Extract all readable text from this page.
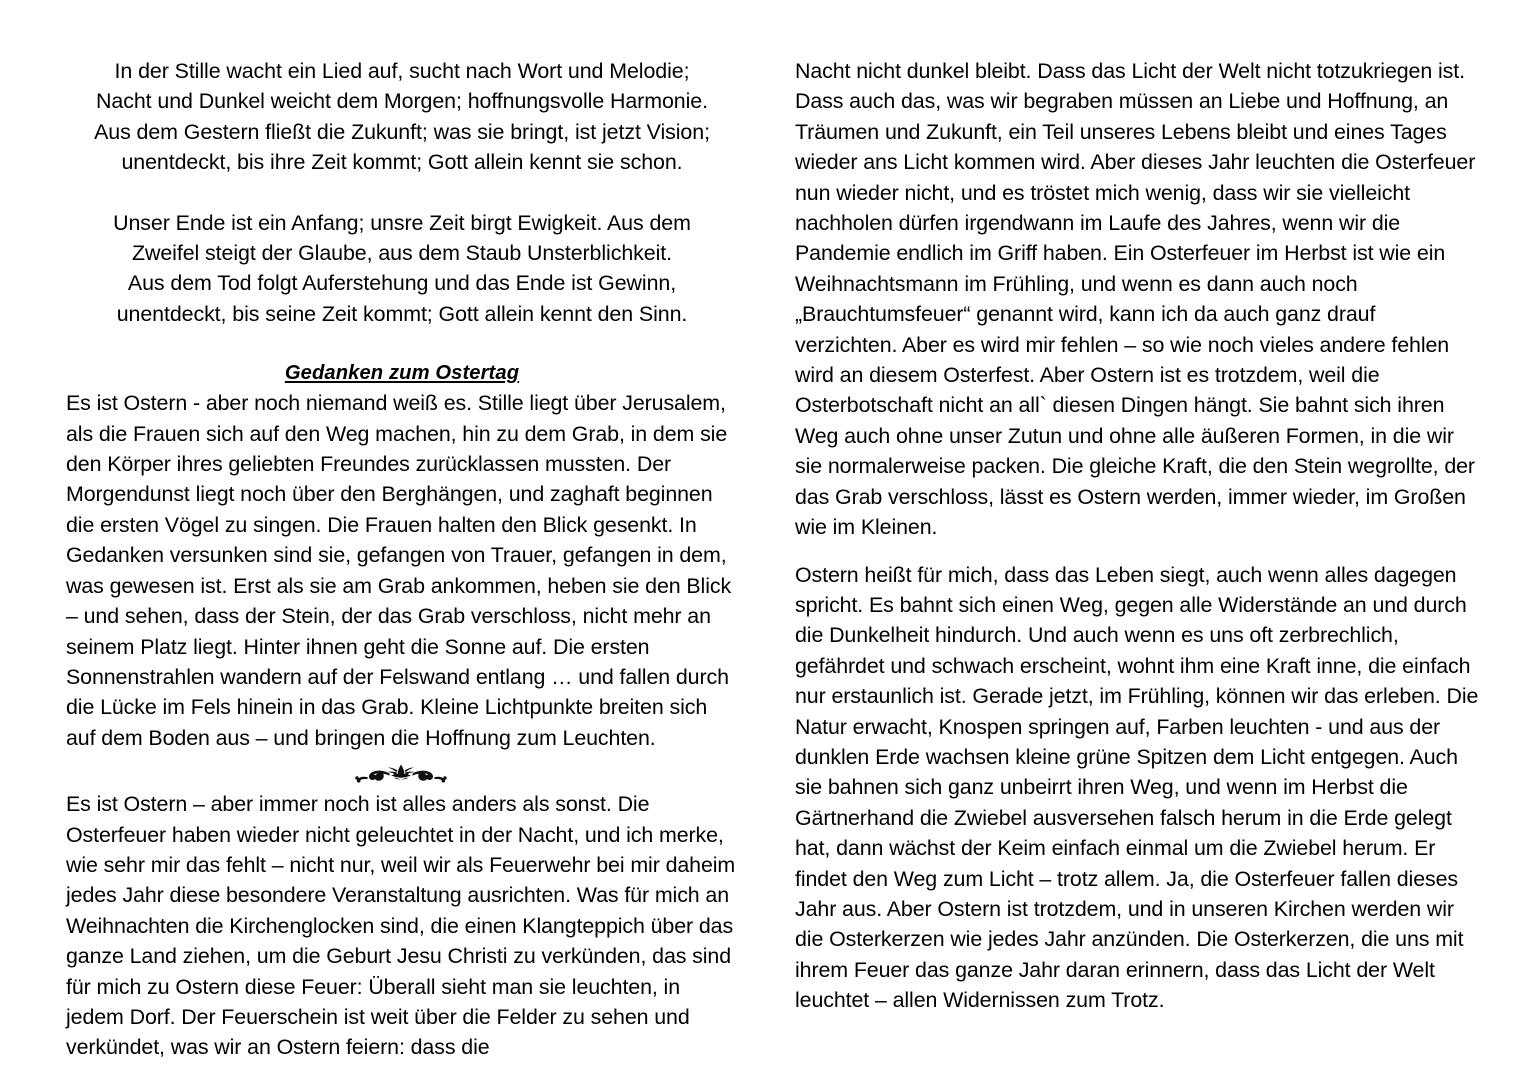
In der Stille wacht ein Lied auf, sucht nach Wort und Melodie;
Nacht und Dunkel weicht dem Morgen; hoffnungsvolle Harmonie.
Aus dem Gestern fließt die Zukunft; was sie bringt, ist jetzt Vision;
unentdeckt, bis ihre Zeit kommt; Gott allein kennt sie schon.
Unser Ende ist ein Anfang; unsre Zeit birgt Ewigkeit. Aus dem
Zweifel steigt der Glaube, aus dem Staub Unsterblichkeit.
Aus dem Tod folgt Auferstehung und das Ende ist Gewinn,
unentdeckt, bis seine Zeit kommt; Gott allein kennt den Sinn.
Gedanken zum Ostertag

Es ist Ostern - aber noch niemand weiß es. Stille liegt über Jerusalem, als die Frauen sich auf den Weg machen, hin zu dem Grab, in dem sie den Körper ihres geliebten Freundes zurücklassen mussten. Der Morgendunst liegt noch über den Berghängen, und zaghaft beginnen die ersten Vögel zu singen. Die Frauen halten den Blick gesenkt. In Gedanken versunken sind sie, gefangen von Trauer, gefangen in dem, was gewesen ist. Erst als sie am Grab ankommen, heben sie den Blick – und sehen, dass der Stein, der das Grab verschloss, nicht mehr an seinem Platz liegt. Hinter ihnen geht die Sonne auf. Die ersten Sonnenstrahlen wandern auf der Felswand entlang … und fallen durch die Lücke im Fels hinein in das Grab. Kleine Lichtpunkte breiten sich auf dem Boden aus – und bringen die Hoffnung zum Leuchten.

Es ist Ostern – aber immer noch ist alles anders als sonst. Die Osterfeuer haben wieder nicht geleuchtet in der Nacht, und ich merke, wie sehr mir das fehlt – nicht nur, weil wir als Feuerwehr bei mir daheim jedes Jahr diese besondere Veranstaltung ausrichten. Was für mich an Weihnachten die Kirchenglocken sind, die einen Klangteppich über das ganze Land ziehen, um die Geburt Jesu Christi zu verkünden, das sind für mich zu Ostern diese Feuer: Überall sieht man sie leuchten, in jedem Dorf. Der Feuerschein ist weit über die Felder zu sehen und verkündet, was wir an Ostern feiern: dass die

Nacht nicht dunkel bleibt. Dass das Licht der Welt nicht totzukriegen ist. Dass auch das, was wir begraben müssen an Liebe und Hoffnung, an Träumen und Zukunft, ein Teil unseres Lebens bleibt und eines Tages wieder ans Licht kommen wird. Aber dieses Jahr leuchten die Osterfeuer nun wieder nicht, und es tröstet mich wenig, dass wir sie vielleicht nachholen dürfen irgendwann im Laufe des Jahres, wenn wir die Pandemie endlich im Griff haben. Ein Osterfeuer im Herbst ist wie ein Weihnachtsmann im Frühling, und wenn es dann auch noch „Brauchtumsfeuer“ genannt wird, kann ich da auch ganz drauf verzichten. Aber es wird mir fehlen – so wie noch vieles andere fehlen wird an diesem Osterfest. Aber Ostern ist es trotzdem, weil die Osterbotschaft nicht an all` diesen Dingen hängt. Sie bahnt sich ihren Weg auch ohne unser Zutun und ohne alle äußeren Formen, in die wir sie normalerweise packen. Die gleiche Kraft, die den Stein wegrollte, der das Grab verschloss, lässt es Ostern werden, immer wieder, im Großen wie im Kleinen.

Ostern heißt für mich, dass das Leben siegt, auch wenn alles dagegen spricht. Es bahnt sich einen Weg, gegen alle Widerstände an und durch die Dunkelheit hindurch. Und auch wenn es uns oft zerbrechlich, gefährdet und schwach erscheint, wohnt ihm eine Kraft inne, die einfach nur erstaunlich ist. Gerade jetzt, im Frühling, können wir das erleben. Die Natur erwacht, Knospen springen auf, Farben leuchten - und aus der dunklen Erde wachsen kleine grüne Spitzen dem Licht entgegen. Auch sie bahnen sich ganz unbeirrt ihren Weg, und wenn im Herbst die Gärtnerhand die Zwiebel ausversehen falsch herum in die Erde gelegt hat, dann wächst der Keim einfach einmal um die Zwiebel herum. Er findet den Weg zum Licht – trotz allem. Ja, die Osterfeuer fallen dieses Jahr aus. Aber Ostern ist trotzdem, und in unseren Kirchen werden wir die Osterkerzen wie jedes Jahr anzünden. Die Osterkerzen, die uns mit ihrem Feuer das ganze Jahr daran erinnern, dass das Licht der Welt leuchtet – allen Widernissen zum Trotz.
